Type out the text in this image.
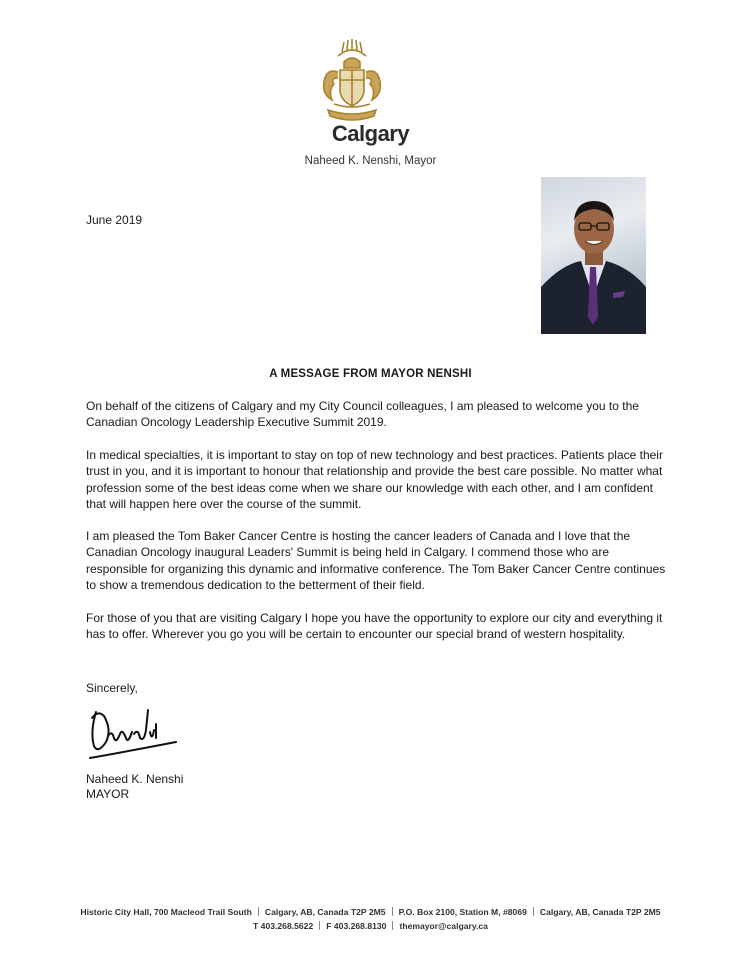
Calgary
Naheed K. Nenshi, Mayor
June 2019
A MESSAGE FROM MAYOR NENSHI

On behalf of the citizens of Calgary and my City Council colleagues, I am pleased to welcome you to the Canadian Oncology Leadership Executive Summit 2019.

In medical specialties, it is important to stay on top of new technology and best practices. Patients place their trust in you, and it is important to honour that relationship and provide the best care possible. No matter what profession some of the best ideas come when we share our knowledge with each other, and I am confident that will happen here over the course of the summit.

I am pleased the Tom Baker Cancer Centre is hosting the cancer leaders of Canada and I love that the Canadian Oncology inaugural Leaders' Summit is being held in Calgary. I commend those who are responsible for organizing this dynamic and informative conference. The Tom Baker Cancer Centre continues to show a tremendous dedication to the betterment of their field.

For those of you that are visiting Calgary I hope you have the opportunity to explore our city and everything it has to offer. Wherever you go you will be certain to encounter our special brand of western hospitality.

Sincerely,
Naheed K. Nenshi
MAYOR
Historic City Hall, 700 Macleod Trail South Calgary, AB, Canada T2P 2M5 P.O. Box 2100, Station M, #8069 Calgary, AB, Canada T2P 2M5
T 403.268.5622 F 403.268.8130 themayor@calgary.ca
